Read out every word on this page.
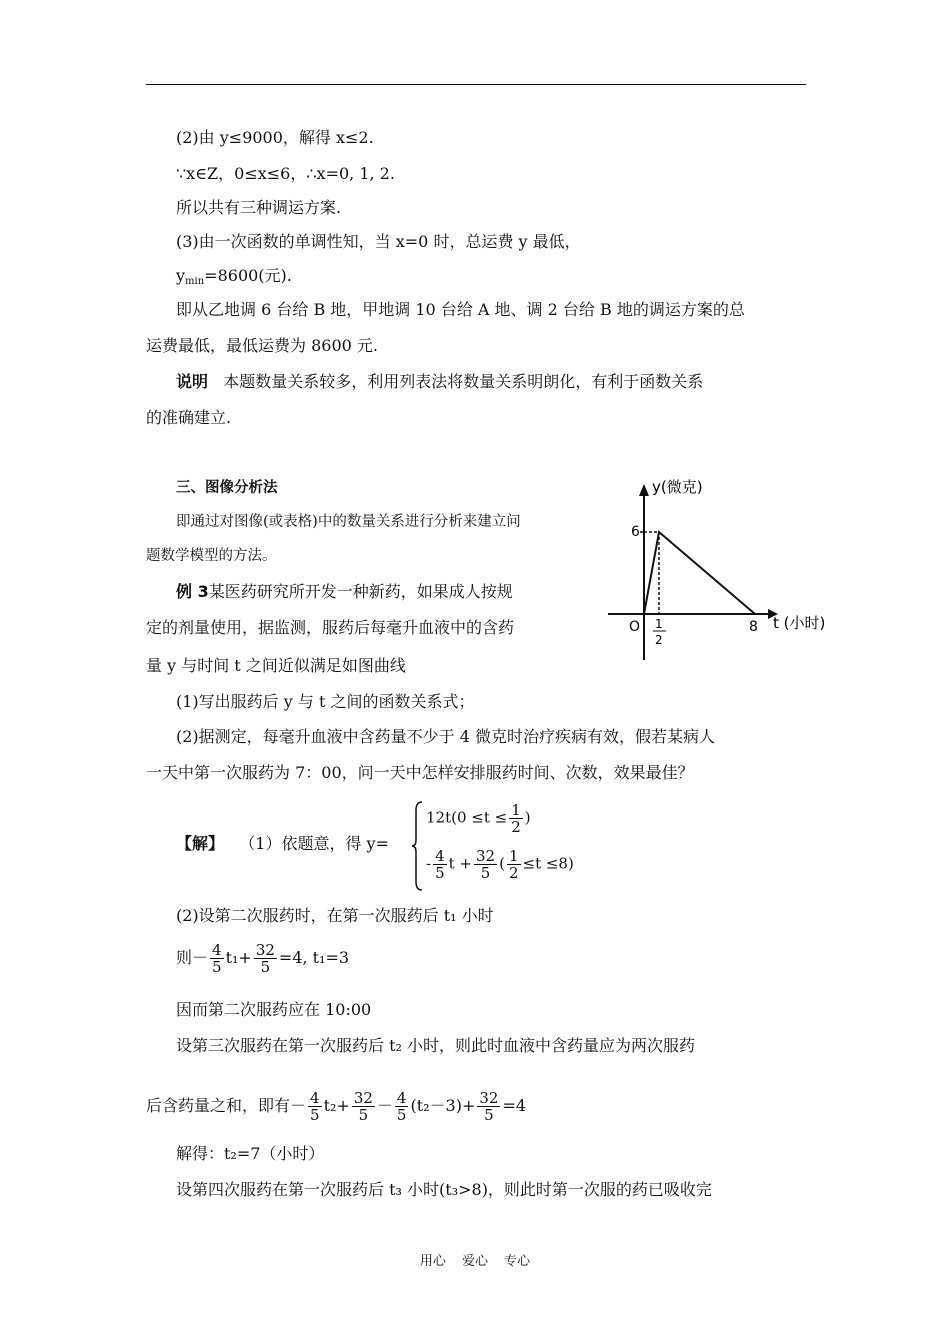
(2)由 y≤9000，解得 x≤2.
∵x∈Z，0≤x≤6，∴x=0, 1, 2.
所以共有三种调运方案.
(3)由一次函数的单调性知，当 x=0 时，总运费 y 最低，
$y_{min}=8600$(元).
即从乙地调 6 台给 B 地，甲地调 10 台给 A 地、调 2 台给 B 地的调运方案的总
运费最低，最低运费为 8600 元.
说明 本题数量关系较多，利用列表法将数量关系明朗化，有利于函数关系
的准确建立.
三、图像分析法
即通过对图像(或表格)中的数量关系进行分析来建立问
题数学模型的方法。
例 3某医药研究所开发一种新药，如果成人按规
定的剂量使用，据监测，服药后每毫升血液中的含药
量 y 与时间 t 之间近似满足如图曲线
y(微克)
t (小时)
O
6
1
2
8
(1)写出服药后 y 与 t 之间的函数关系式；
(2)据测定，每毫升血液中含药量不少于 4 微克时治疗疾病有效，假若某病人
一天中第一次服药为 7：00，问一天中怎样安排服药时间、次数，效果最佳？
【解】 （1）依题意，得 y=
$12t(0 \le t \le \frac{1}{2}$ )
- $\frac{4}{5}$ $t + \frac{32}{5}$ ( $\frac{1}{2} \le t \le 8$)
(2)设第二次服药时，在第一次服药后 t₁ 小时
则－ $\frac{4}{5} t_1+ \frac{32}{5} =4$, t₁=3
因而第二次服药应在 10:00
设第三次服药在第一次服药后 t₂ 小时，则此时血液中含药量应为两次服药
后含药量之和，即有－ $\frac{4}{5} t_2+ \frac{32}{5} - \frac{4}{5} (t_2-3)+ \frac{32}{5} =4$
解得：t₂=7（小时）
设第四次服药在第一次服药后 t₃ 小时(t₃>8)，则此时第一次服的药已吸收完
用心 爱心 专心
